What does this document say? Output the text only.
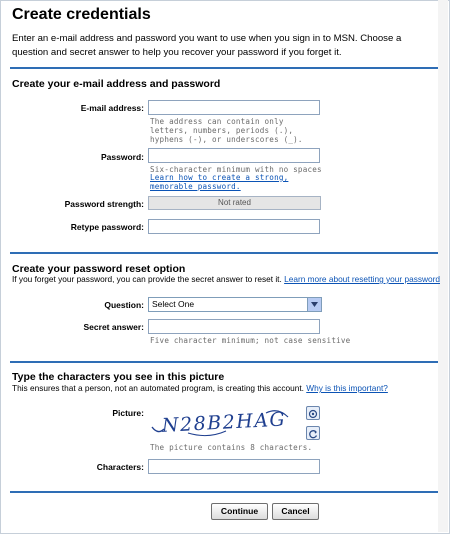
Create credentials
Enter an e-mail address and password you want to use when you sign in to MSN. Choose a question and secret answer to help you recover your password if you forget it.
Create your e-mail address and password
E-mail address:
The address can contain only letters, numbers, periods (.), hyphens (-), or underscores (_).
Password:
Six-character minimum with no spaces
Learn how to create a strong, memorable password.
Password strength:	Not rated
Retype password:
Create your password reset option
If you forget your password, you can provide the secret answer to reset it. Learn more about resetting your password
Question: Select One
Secret answer:
Five character minimum; not case sensitive
Type the characters you see in this picture
This ensures that a person, not an automated program, is creating this account. Why is this important?
Picture: N28B2HAG
The picture contains 8 characters.
Characters:
Continue	Cancel
